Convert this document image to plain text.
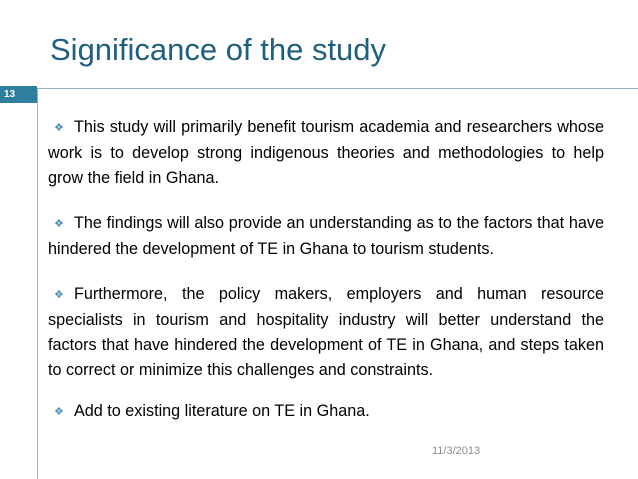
Significance of the study
13

❖ This study will primarily benefit tourism academia and researchers whose work is to develop strong indigenous theories and methodologies to help grow the field in Ghana.

❖ The findings will also provide an understanding as to the factors that have hindered the development of TE in Ghana to tourism students.

❖ Furthermore, the policy makers, employers and human resource specialists in tourism and hospitality industry will better understand the factors that have hindered the development of TE in Ghana, and steps taken to correct or minimize this challenges and constraints.

❖ Add to existing literature on TE in Ghana.

11/3/2013
